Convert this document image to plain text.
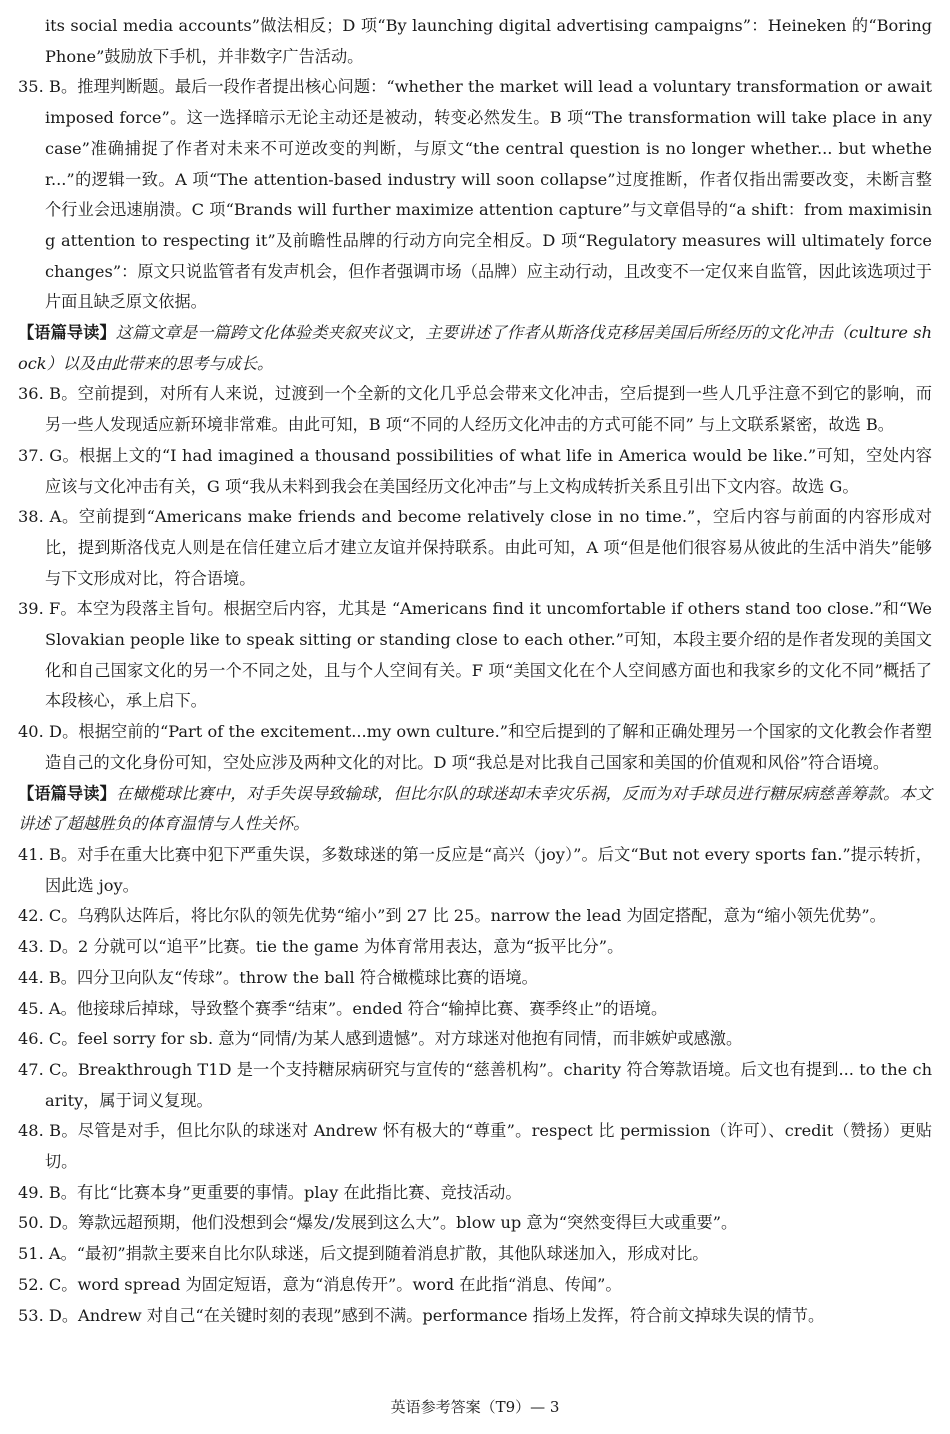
its social media accounts”做法相反；D 项“By launching digital advertising campaigns”：Heineken 的“Boring Phone”鼓励放下手机，并非数字广告活动。

35. B。推理判断题。最后一段作者提出核心问题：“whether the market will lead a voluntary transformation or await imposed force”。这一选择暗示无论主动还是被动，转变必然发生。B 项“The transformation will take place in any case”准确捕捉了作者对未来不可逆改变的判断，与原文“the central question is no longer whether... but whether...”的逻辑一致。A 项“The attention-based industry will soon collapse”过度推断，作者仅指出需要改变，未断言整个行业会迅速崩溃。C 项“Brands will further maximize attention capture”与文章倡导的“a shift：from maximising attention to respecting it”及前瞻性品牌的行动方向完全相反。D 项“Regulatory measures will ultimately force changes”：原文只说监管者有发声机会，但作者强调市场（品牌）应主动行动，且改变不一定仅来自监管，因此该选项过于片面且缺乏原文依据。

【语篇导读】这篇文章是一篇跨文化体验类夹叙夹议文，主要讲述了作者从斯洛伐克移居美国后所经历的文化冲击（culture shock）以及由此带来的思考与成长。

36. B。空前提到，对所有人来说，过渡到一个全新的文化几乎总会带来文化冲击，空后提到一些人几乎注意不到它的影响，而另一些人发现适应新环境非常难。由此可知，B 项“不同的人经历文化冲击的方式可能不同” 与上文联系紧密，故选 B。

37. G。根据上文的“I had imagined a thousand possibilities of what life in America would be like.”可知，空处内容应该与文化冲击有关，G 项“我从未料到我会在美国经历文化冲击”与上文构成转折关系且引出下文内容。故选 G。

38. A。空前提到“Americans make friends and become relatively close in no time.”，空后内容与前面的内容形成对比，提到斯洛伐克人则是在信任建立后才建立友谊并保持联系。由此可知，A 项“但是他们很容易从彼此的生活中消失”能够与下文形成对比，符合语境。

39. F。本空为段落主旨句。根据空后内容，尤其是 “Americans find it uncomfortable if others stand too close.”和“We Slovakian people like to speak sitting or standing close to each other.”可知，本段主要介绍的是作者发现的美国文化和自己国家文化的另一个不同之处，且与个人空间有关。F 项“美国文化在个人空间感方面也和我家乡的文化不同”概括了本段核心，承上启下。

40. D。根据空前的“Part of the excitement...my own culture.”和空后提到的了解和正确处理另一个国家的文化教会作者塑造自己的文化身份可知，空处应涉及两种文化的对比。D 项“我总是对比我自己国家和美国的价值观和风俗”符合语境。

【语篇导读】在橄榄球比赛中，对手失误导致输球，但比尔队的球迷却未幸灾乐祸，反而为对手球员进行糖尿病慈善筹款。本文讲述了超越胜负的体育温情与人性关怀。

41. B。对手在重大比赛中犯下严重失误，多数球迷的第一反应是“高兴（joy）”。后文“But not every sports fan.”提示转折，因此选 joy。

42. C。乌鸦队达阵后，将比尔队的领先优势“缩小”到 27 比 25。narrow the lead 为固定搭配，意为“缩小领先优势”。

43. D。2 分就可以“追平”比赛。tie the game 为体育常用表达，意为“扳平比分”。

44. B。四分卫向队友“传球”。throw the ball 符合橄榄球比赛的语境。

45. A。他接球后掉球，导致整个赛季“结束”。ended 符合“输掉比赛、赛季终止”的语境。

46. C。feel sorry for sb. 意为“同情/为某人感到遗憾”。对方球迷对他抱有同情，而非嫉妒或感激。

47. C。Breakthrough T1D 是一个支持糖尿病研究与宣传的“慈善机构”。charity 符合筹款语境。后文也有提到... to the charity，属于词义复现。

48. B。尽管是对手，但比尔队的球迷对 Andrew 怀有极大的“尊重”。respect 比 permission（许可）、credit（赞扬）更贴切。

49. B。有比“比赛本身”更重要的事情。play 在此指比赛、竞技活动。

50. D。筹款远超预期，他们没想到会“爆发/发展到这么大”。blow up 意为“突然变得巨大或重要”。

51. A。“最初”捐款主要来自比尔队球迷，后文提到随着消息扩散，其他队球迷加入，形成对比。

52. C。word spread 为固定短语，意为“消息传开”。word 在此指“消息、传闻”。

53. D。Andrew 对自己“在关键时刻的表现”感到不满。performance 指场上发挥，符合前文掉球失误的情节。

英语参考答案（T9）— 3
